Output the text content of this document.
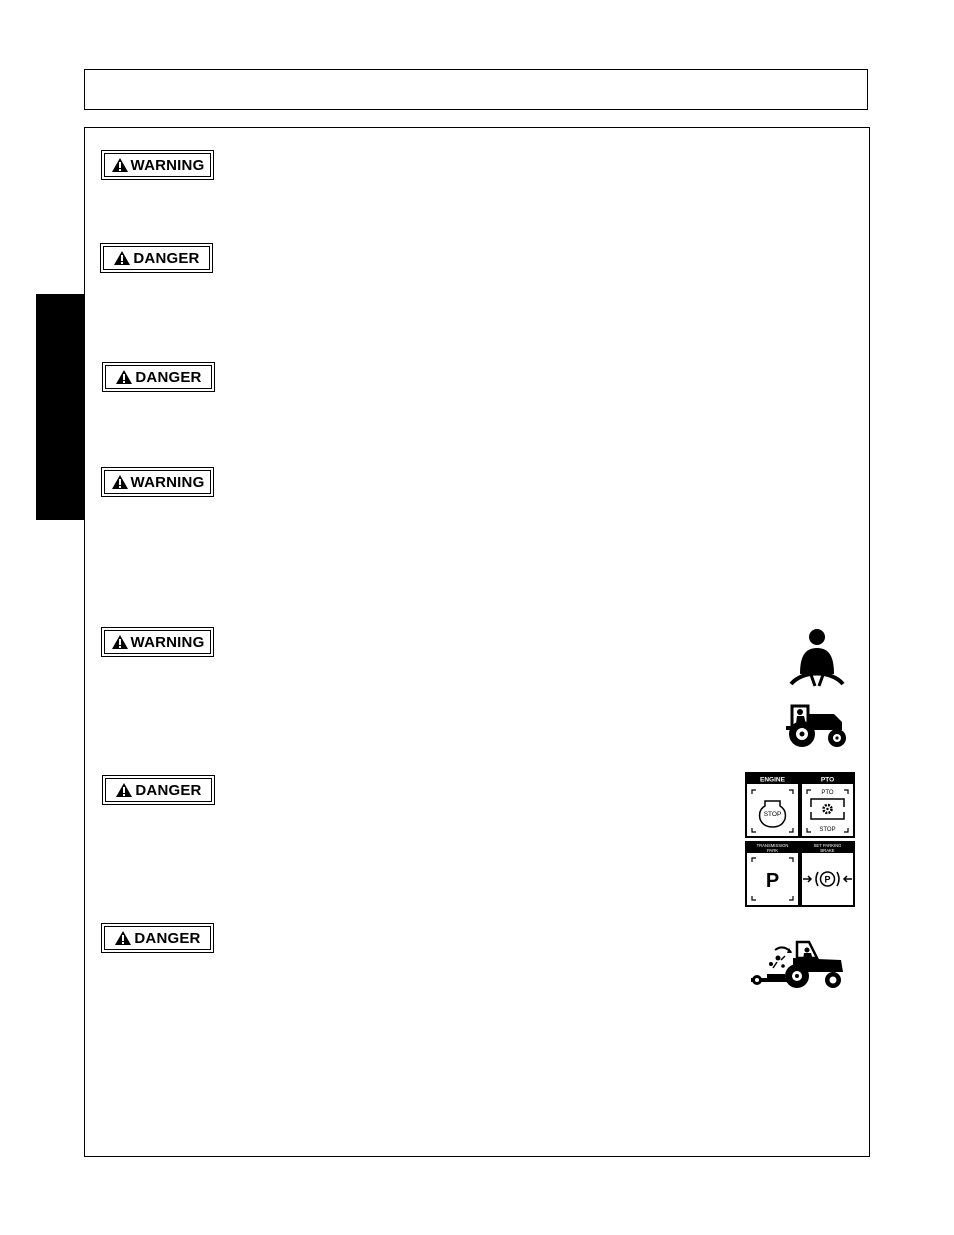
WARNING
DANGER
DANGER
WARNING
WARNING
DANGER
DANGER
ENGINE	PTO
STOP
PTO
STOP
TRANSMISSION
PARK
SET PARKING
BRAKE
P	P
